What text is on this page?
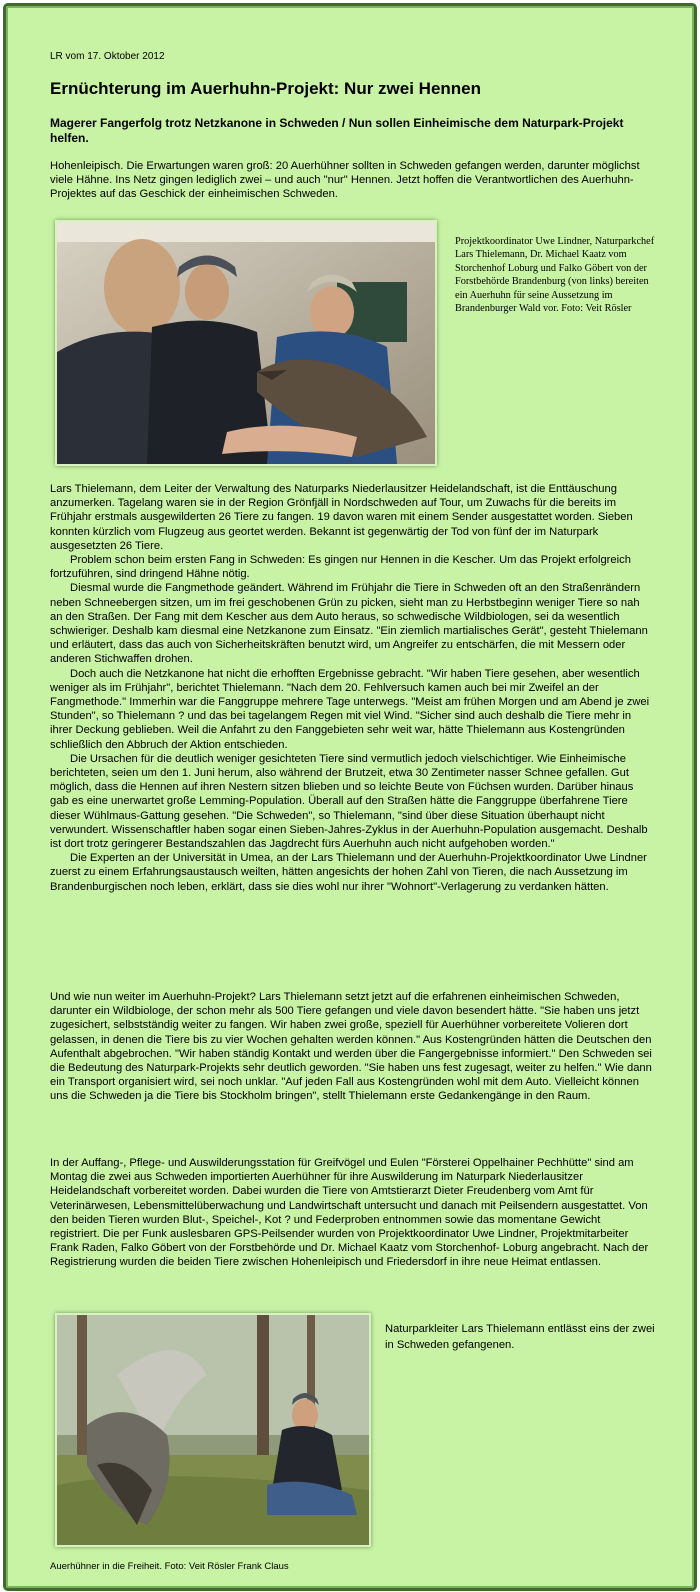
LR vom 17. Oktober 2012
Ernüchterung im Auerhuhn-Projekt: Nur zwei Hennen
Magerer Fangerfolg trotz Netzkanone in Schweden / Nun sollen Einheimische dem Naturpark-Projekt helfen.

Hohenleipisch. Die Erwartungen waren groß: 20 Auerhühner sollten in Schweden gefangen werden, darunter möglichst viele Hähne. Ins Netz gingen lediglich zwei – und auch "nur" Hennen. Jetzt hoffen die Verantwortlichen des Auerhuhn-Projektes auf das Geschick der einheimischen Schweden.

Projektkoordinator Uwe Lindner, Naturparkchef Lars Thielemann, Dr. Michael Kaatz vom Storchenhof Loburg und Falko Göbert von der Forstbehörde Brandenburg (von links) bereiten ein Auerhuhn für seine Aussetzung im Brandenburger Wald vor. Foto: Veit Rösler

Lars Thielemann, dem Leiter der Verwaltung des Naturparks Niederlausitzer Heidelandschaft, ist die Enttäuschung anzumerken. Tagelang waren sie in der Region Grönfjäll in Nordschweden auf Tour, um Zuwachs für die bereits im Frühjahr erstmals ausgewilderten 26 Tiere zu fangen. 19 davon waren mit einem Sender ausgestattet worden. Sieben konnten kürzlich vom Flugzeug aus geortet werden. Bekannt ist gegenwärtig der Tod von fünf der im Naturpark ausgesetzten 26 Tiere.

Problem schon beim ersten Fang in Schweden: Es gingen nur Hennen in die Kescher. Um das Projekt erfolgreich fortzuführen, sind dringend Hähne nötig.

Diesmal wurde die Fangmethode geändert. Während im Frühjahr die Tiere in Schweden oft an den Straßenrändern neben Schneebergen sitzen, um im frei geschobenen Grün zu picken, sieht man zu Herbstbeginn weniger Tiere so nah an den Straßen. Der Fang mit dem Kescher aus dem Auto heraus, so schwedische Wildbiologen, sei da wesentlich schwieriger. Deshalb kam diesmal eine Netzkanone zum Einsatz. "Ein ziemlich martialisches Gerät", gesteht Thielemann und erläutert, dass das auch von Sicherheitskräften benutzt wird, um Angreifer zu entschärfen, die mit Messern oder anderen Stichwaffen drohen.

Doch auch die Netzkanone hat nicht die erhofften Ergebnisse gebracht. "Wir haben Tiere gesehen, aber wesentlich weniger als im Frühjahr", berichtet Thielemann. "Nach dem 20. Fehlversuch kamen auch bei mir Zweifel an der Fangmethode." Immerhin war die Fanggruppe mehrere Tage unterwegs. "Meist am frühen Morgen und am Abend je zwei Stunden", so Thielemann ? und das bei tagelangem Regen mit viel Wind. "Sicher sind auch deshalb die Tiere mehr in ihrer Deckung geblieben. Weil die Anfahrt zu den Fanggebieten sehr weit war, hätte Thielemann aus Kostengründen schließlich den Abbruch der Aktion entschieden.

Die Ursachen für die deutlich weniger gesichteten Tiere sind vermutlich jedoch vielschichtiger. Wie Einheimische berichteten, seien um den 1. Juni herum, also während der Brutzeit, etwa 30 Zentimeter nasser Schnee gefallen. Gut möglich, dass die Hennen auf ihren Nestern sitzen blieben und so leichte Beute von Füchsen wurden. Darüber hinaus gab es eine unerwartet große Lemming-Population. Überall auf den Straßen hätte die Fanggruppe überfahrene Tiere dieser Wühlmaus-Gattung gesehen. "Die Schweden", so Thielemann, "sind über diese Situation überhaupt nicht verwundert. Wissenschaftler haben sogar einen Sieben-Jahres-Zyklus in der Auerhuhn-Population ausgemacht. Deshalb ist dort trotz geringerer Bestandszahlen das Jagdrecht fürs Auerhuhn auch nicht aufgehoben worden."

Die Experten an der Universität in Umea, an der Lars Thielemann und der Auerhuhn-Projektkoordinator Uwe Lindner zuerst zu einem Erfahrungsaustausch weilten, hätten angesichts der hohen Zahl von Tieren, die nach Aussetzung im Brandenburgischen noch leben, erklärt, dass sie dies wohl nur ihrer "Wohnort"-Verlagerung zu verdanken hätten.

Und wie nun weiter im Auerhuhn-Projekt? Lars Thielemann setzt jetzt auf die erfahrenen einheimischen Schweden, darunter ein Wildbiologe, der schon mehr als 500 Tiere gefangen und viele davon besendert hätte. "Sie haben uns jetzt zugesichert, selbstständig weiter zu fangen. Wir haben zwei große, speziell für Auerhühner vorbereitete Volieren dort gelassen, in denen die Tiere bis zu vier Wochen gehalten werden können." Aus Kostengründen hätten die Deutschen den Aufenthalt abgebrochen. "Wir haben ständig Kontakt und werden über die Fangergebnisse informiert." Den Schweden sei die Bedeutung des Naturpark-Projekts sehr deutlich geworden. "Sie haben uns fest zugesagt, weiter zu helfen." Wie dann ein Transport organisiert wird, sei noch unklar. "Auf jeden Fall aus Kostengründen wohl mit dem Auto. Vielleicht können uns die Schweden ja die Tiere bis Stockholm bringen", stellt Thielemann erste Gedankengänge in den Raum.

In der Auffang-, Pflege- und Auswilderungsstation für Greifvögel und Eulen "Försterei Oppelhainer Pechhütte" sind am Montag die zwei aus Schweden importierten Auerhühner für ihre Auswilderung im Naturpark Niederlausitzer Heidelandschaft vorbereitet worden. Dabei wurden die Tiere von Amtstierarzt Dieter Freudenberg vom Amt für Veterinärwesen, Lebensmittelüberwachung und Landwirtschaft untersucht und danach mit Peilsendern ausgestattet. Von den beiden Tieren wurden Blut-, Speichel-, Kot ? und Federproben entnommen sowie das momentane Gewicht registriert. Die per Funk auslesbaren GPS-Peilsender wurden von Projektkoordinator Uwe Lindner, Projektmitarbeiter Frank Raden, Falko Göbert von der Forstbehörde und Dr. Michael Kaatz vom Storchenhof- Loburg angebracht. Nach der Registrierung wurden die beiden Tiere zwischen Hohenleipisch und Friedersdorf in ihre neue Heimat entlassen.

Naturparkleiter Lars Thielemann entlässt eins der zwei in Schweden gefangenen.
Auerhühner in die Freiheit. Foto: Veit Rösler Frank Claus
